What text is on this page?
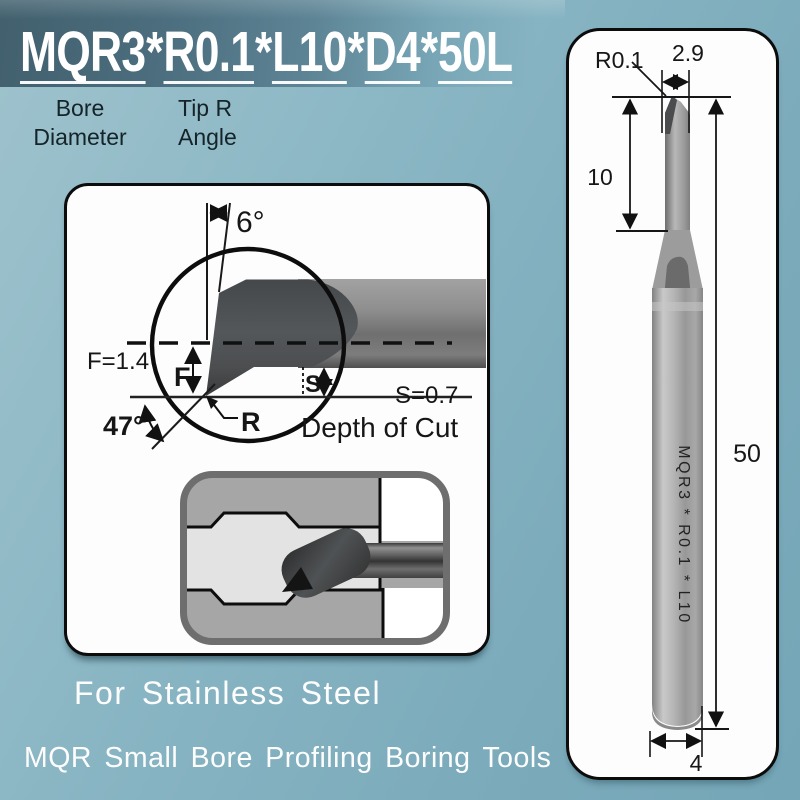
MQR3*R0.1*L10*D4*50L
Bore
Diameter
Tip R
Angle
6°
F=1.4
F	S
47°	R
S=0.7
Depth of Cut
MQR3 * R0.1 * L10
R0.1 2.9
10
50
4
For Stainless Steel
MQR Small Bore Profiling Boring Tools
